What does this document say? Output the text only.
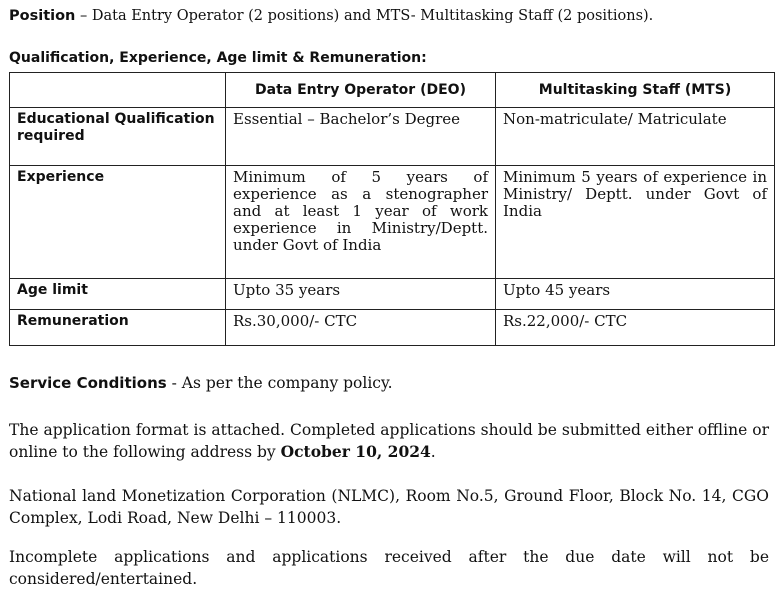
Position – Data Entry Operator (2 positions) and MTS- Multitasking Staff (2 positions).
Qualification, Experience, Age limit & Remuneration:
	Data Entry Operator (DEO)	Multitasking Staff (MTS)
Educational Qualification required	Essential – Bachelor’s Degree	Non-matriculate/ Matriculate
Experience	Minimum of 5 years of experience as a stenographer and at least 1 year of work experience in Ministry/Deptt. under Govt of India	Minimum 5 years of experience in Ministry/ Deptt. under Govt of India
Age limit	Upto 35 years	Upto 45 years
Remuneration	Rs.30,000/- CTC	Rs.22,000/- CTC
Service Conditions - As per the company policy.
The application format is attached. Completed applications should be submitted either offline or online to the following address by October 10, 2024.
National land Monetization Corporation (NLMC), Room No.5, Ground Floor, Block No. 14, CGO Complex, Lodi Road, New Delhi – 110003.
Incomplete applications and applications received after the due date will not be considered/entertained.
